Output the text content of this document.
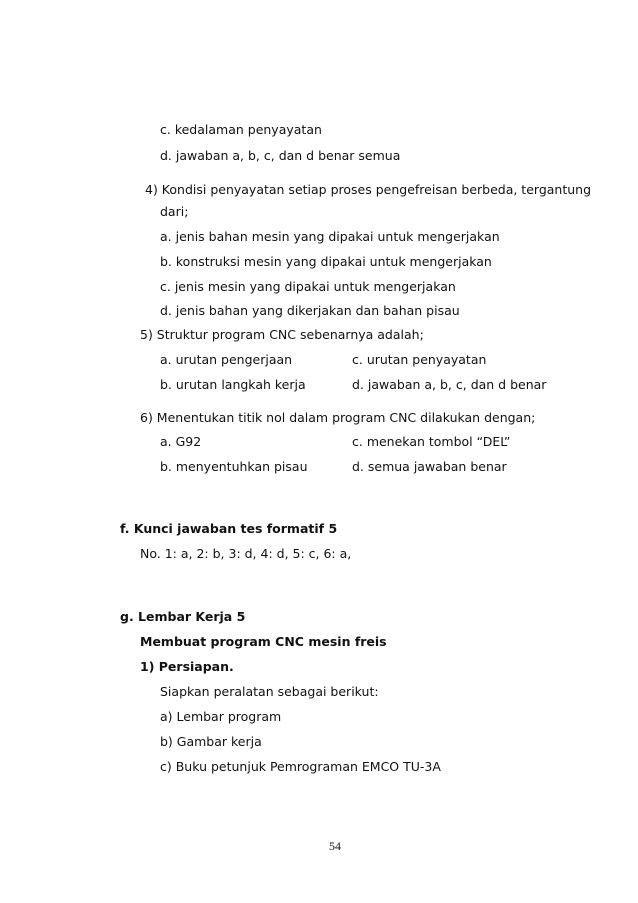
c. kedalaman penyayatan
d. jawaban a, b, c, dan d benar semua
4) Kondisi penyayatan setiap proses pengefreisan berbeda, tergantung
dari;
a. jenis bahan mesin yang dipakai untuk mengerjakan
b. konstruksi mesin yang dipakai untuk mengerjakan
c. jenis mesin yang dipakai untuk mengerjakan
d. jenis bahan yang dikerjakan dan bahan pisau
5) Struktur program CNC sebenarnya adalah;
a. urutan pengerjaan	c. urutan penyayatan
b. urutan langkah kerja	d. jawaban a, b, c, dan d benar
6) Menentukan titik nol dalam program CNC dilakukan dengan;
a. G92	c. menekan tombol “DEL”
b. menyentuhkan pisau	d. semua jawaban benar
f. Kunci jawaban tes formatif 5
No. 1: a, 2: b, 3: d, 4: d, 5: c, 6: a,
g. Lembar Kerja 5
Membuat program CNC mesin freis
1) Persiapan.
Siapkan peralatan sebagai berikut:
a) Lembar program
b) Gambar kerja
c) Buku petunjuk Pemrograman EMCO TU-3A
54
